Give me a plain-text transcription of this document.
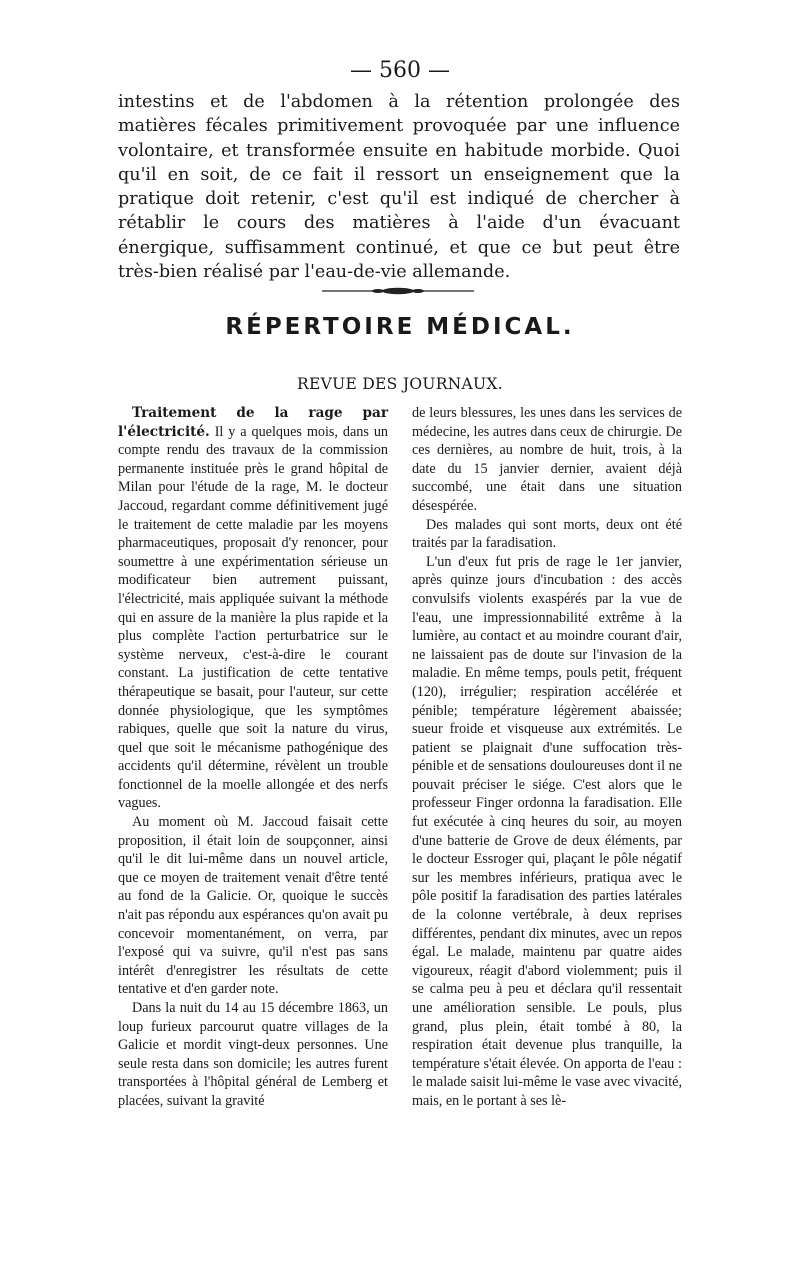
— 560 —

intestins et de l'abdomen à la rétention prolongée des matières fécales primitivement provoquée par une influence volontaire, et transformée ensuite en habitude morbide. Quoi qu'il en soit, de ce fait il ressort un enseignement que la pratique doit retenir, c'est qu'il est indiqué de chercher à rétablir le cours des matières à l'aide d'un évacuant énergique, suffisamment continué, et que ce but peut être très-bien réalisé par l'eau-de-vie allemande.

RÉPERTOIRE MÉDICAL.
REVUE DES JOURNAUX.

Traitement de la rage par l'électricité. Il y a quelques mois, dans un compte rendu des travaux de la commission permanente instituée près le grand hôpital de Milan pour l'étude de la rage, M. le docteur Jaccoud, regardant comme définitivement jugé le traitement de cette maladie par les moyens pharmaceutiques, proposait d'y renoncer, pour soumettre à une expérimentation sérieuse un modificateur bien autrement puissant, l'électricité, mais appliquée suivant la méthode qui en assure de la manière la plus rapide et la plus complète l'action perturbatrice sur le système nerveux, c'est-à-dire le courant constant. La justification de cette tentative thérapeutique se basait, pour l'auteur, sur cette donnée physiologique, que les symptômes rabiques, quelle que soit la nature du virus, quel que soit le mécanisme pathogénique des accidents qu'il détermine, révèlent un trouble fonctionnel de la moelle allongée et des nerfs vagues.

Au moment où M. Jaccoud faisait cette proposition, il était loin de soupçonner, ainsi qu'il le dit lui-même dans un nouvel article, que ce moyen de traitement venait d'être tenté au fond de la Galicie. Or, quoique le succès n'ait pas répondu aux espérances qu'on avait pu concevoir momentanément, on verra, par l'exposé qui va suivre, qu'il n'est pas sans intérêt d'enregistrer les résultats de cette tentative et d'en garder note.

Dans la nuit du 14 au 15 décembre 1863, un loup furieux parcourut quatre villages de la Galicie et mordit vingt-deux personnes. Une seule resta dans son domicile; les autres furent transportées à l'hôpital général de Lemberg et placées, suivant la gravité

de leurs blessures, les unes dans les services de médecine, les autres dans ceux de chirurgie. De ces dernières, au nombre de huit, trois, à la date du 15 janvier dernier, avaient déjà succombé, une était dans une situation désespérée.

Des malades qui sont morts, deux ont été traités par la faradisation.

L'un d'eux fut pris de rage le 1er janvier, après quinze jours d'incubation : des accès convulsifs violents exaspérés par la vue de l'eau, une impressionnabilité extrême à la lumière, au contact et au moindre courant d'air, ne laissaient pas de doute sur l'invasion de la maladie. En même temps, pouls petit, fréquent (120), irrégulier; respiration accélérée et pénible; température légèrement abaissée; sueur froide et visqueuse aux extrémités. Le patient se plaignait d'une suffocation très-pénible et de sensations douloureuses dont il ne pouvait préciser le siége. C'est alors que le professeur Finger ordonna la faradisation. Elle fut exécutée à cinq heures du soir, au moyen d'une batterie de Grove de deux éléments, par le docteur Essroger qui, plaçant le pôle négatif sur les membres inférieurs, pratiqua avec le pôle positif la faradisation des parties latérales de la colonne vertébrale, à deux reprises différentes, pendant dix minutes, avec un repos égal. Le malade, maintenu par quatre aides vigoureux, réagit d'abord violemment; puis il se calma peu à peu et déclara qu'il ressentait une amélioration sensible. Le pouls, plus grand, plus plein, était tombé à 80, la respiration était devenue plus tranquille, la température s'était élevée. On apporta de l'eau : le malade saisit lui-même le vase avec vivacité, mais, en le portant à ses lè-
